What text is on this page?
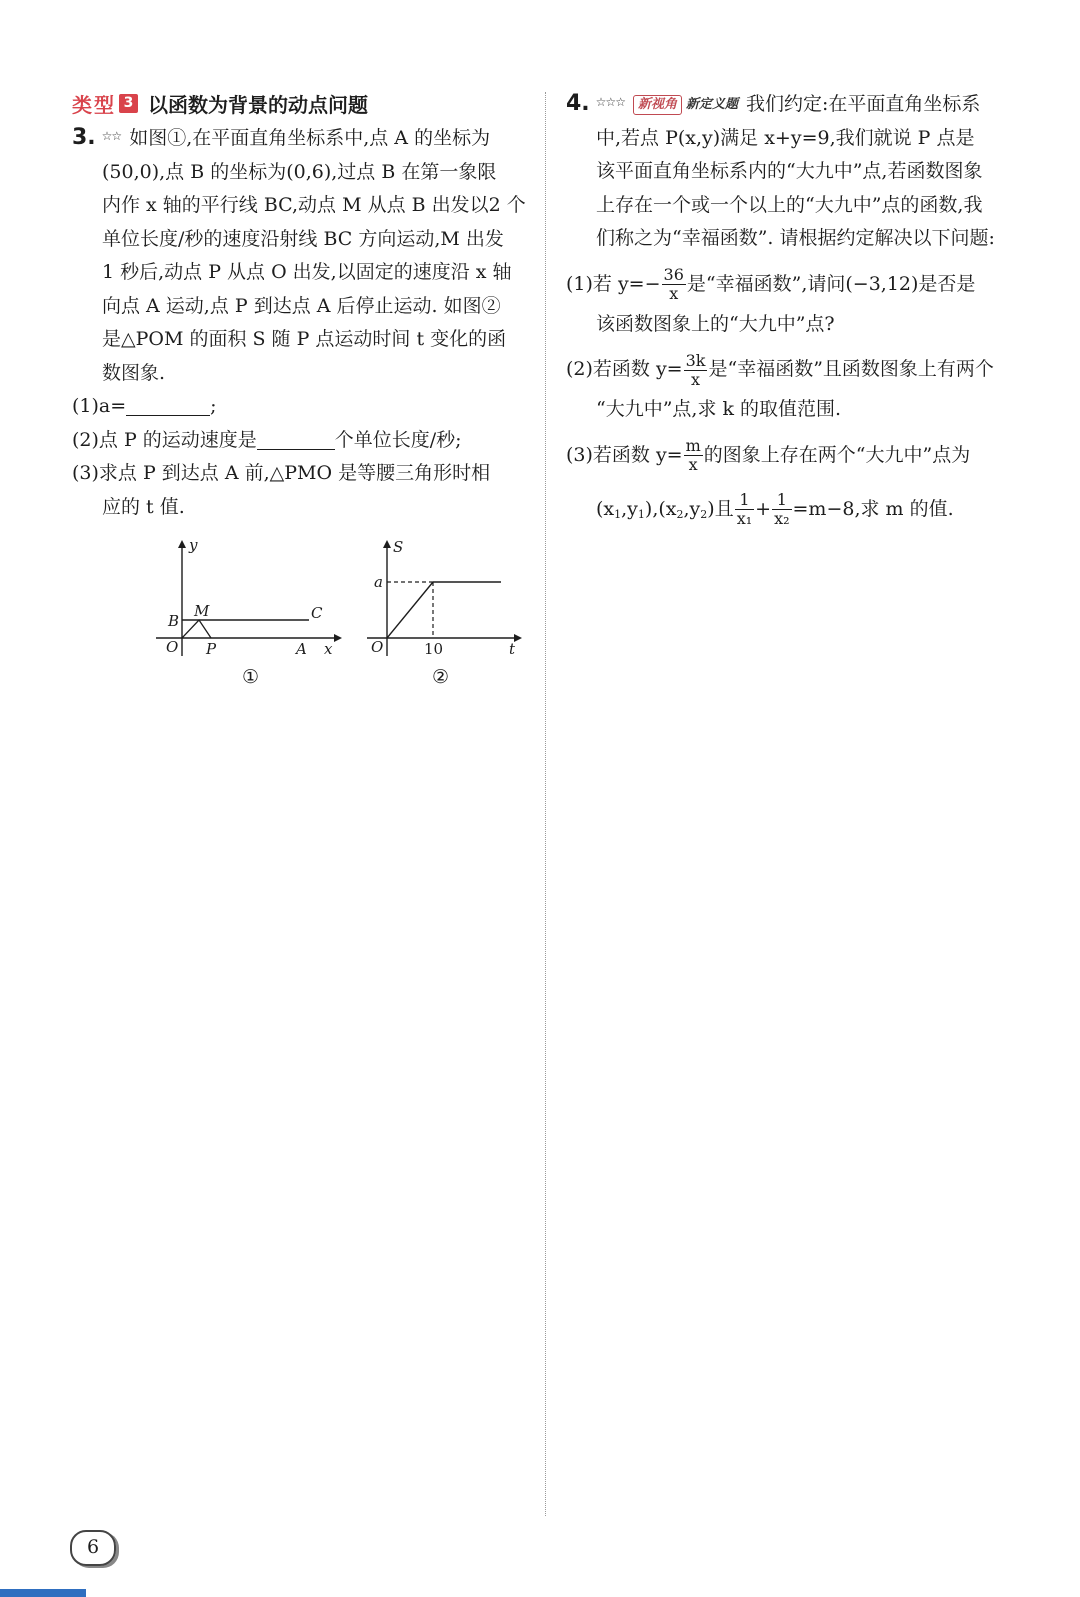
类型 3 以函数为背景的动点问题
3. ☆☆ 如图①,在平面直角坐标系中,点 A 的坐标为
(50,0),点 B 的坐标为(0,6),过点 B 在第一象限
内作 x 轴的平行线 BC,动点 M 从点 B 出发以2 个
单位长度/秒的速度沿射线 BC 方向运动,M 出发
1 秒后,动点 P 从点 O 出发,以固定的速度沿 x 轴
向点 A 运动,点 P 到达点 A 后停止运动. 如图②
是△POM 的面积 S 随 P 点运动时间 t 变化的函
数图象.
(1)a=	;
(2)点 P 的运动速度是	个单位长度/秒;
(3)求点 P 到达点 A 前,△PMO 是等腰三角形时相
应的 t 值.
y
x
O
B
M	C
P	A
①
S
t
O
a
10
②
4. ☆☆☆ 新视角 新定义题 我们约定:在平面直角坐标系
中,若点 P(x,y)满足 x+y=9,我们就说 P 点是
该平面直角坐标系内的“大九中”点,若函数图象
上存在一个或一个以上的“大九中”点的函数,我
们称之为“幸福函数”. 请根据约定解决以下问题:
(1)若 $y=- \frac{36}{x}$ 是“幸福函数”,请问(−3,12)是否是
该函数图象上的“大九中”点?
(2)若函数 $y= \frac{3k}{x}$ 是“幸福函数”且函数图象上有两个
“大九中”点,求 k 的取值范围.
(3)若函数 $y= \frac{m}{x}$ 的图象上存在两个“大九中”点为
$(x_1,y_1),(x_2,y_2)$且 $\frac{1}{\text{x₁}} + \frac{1}{\text{x₂}} =m-8$,求 m 的值.
6
